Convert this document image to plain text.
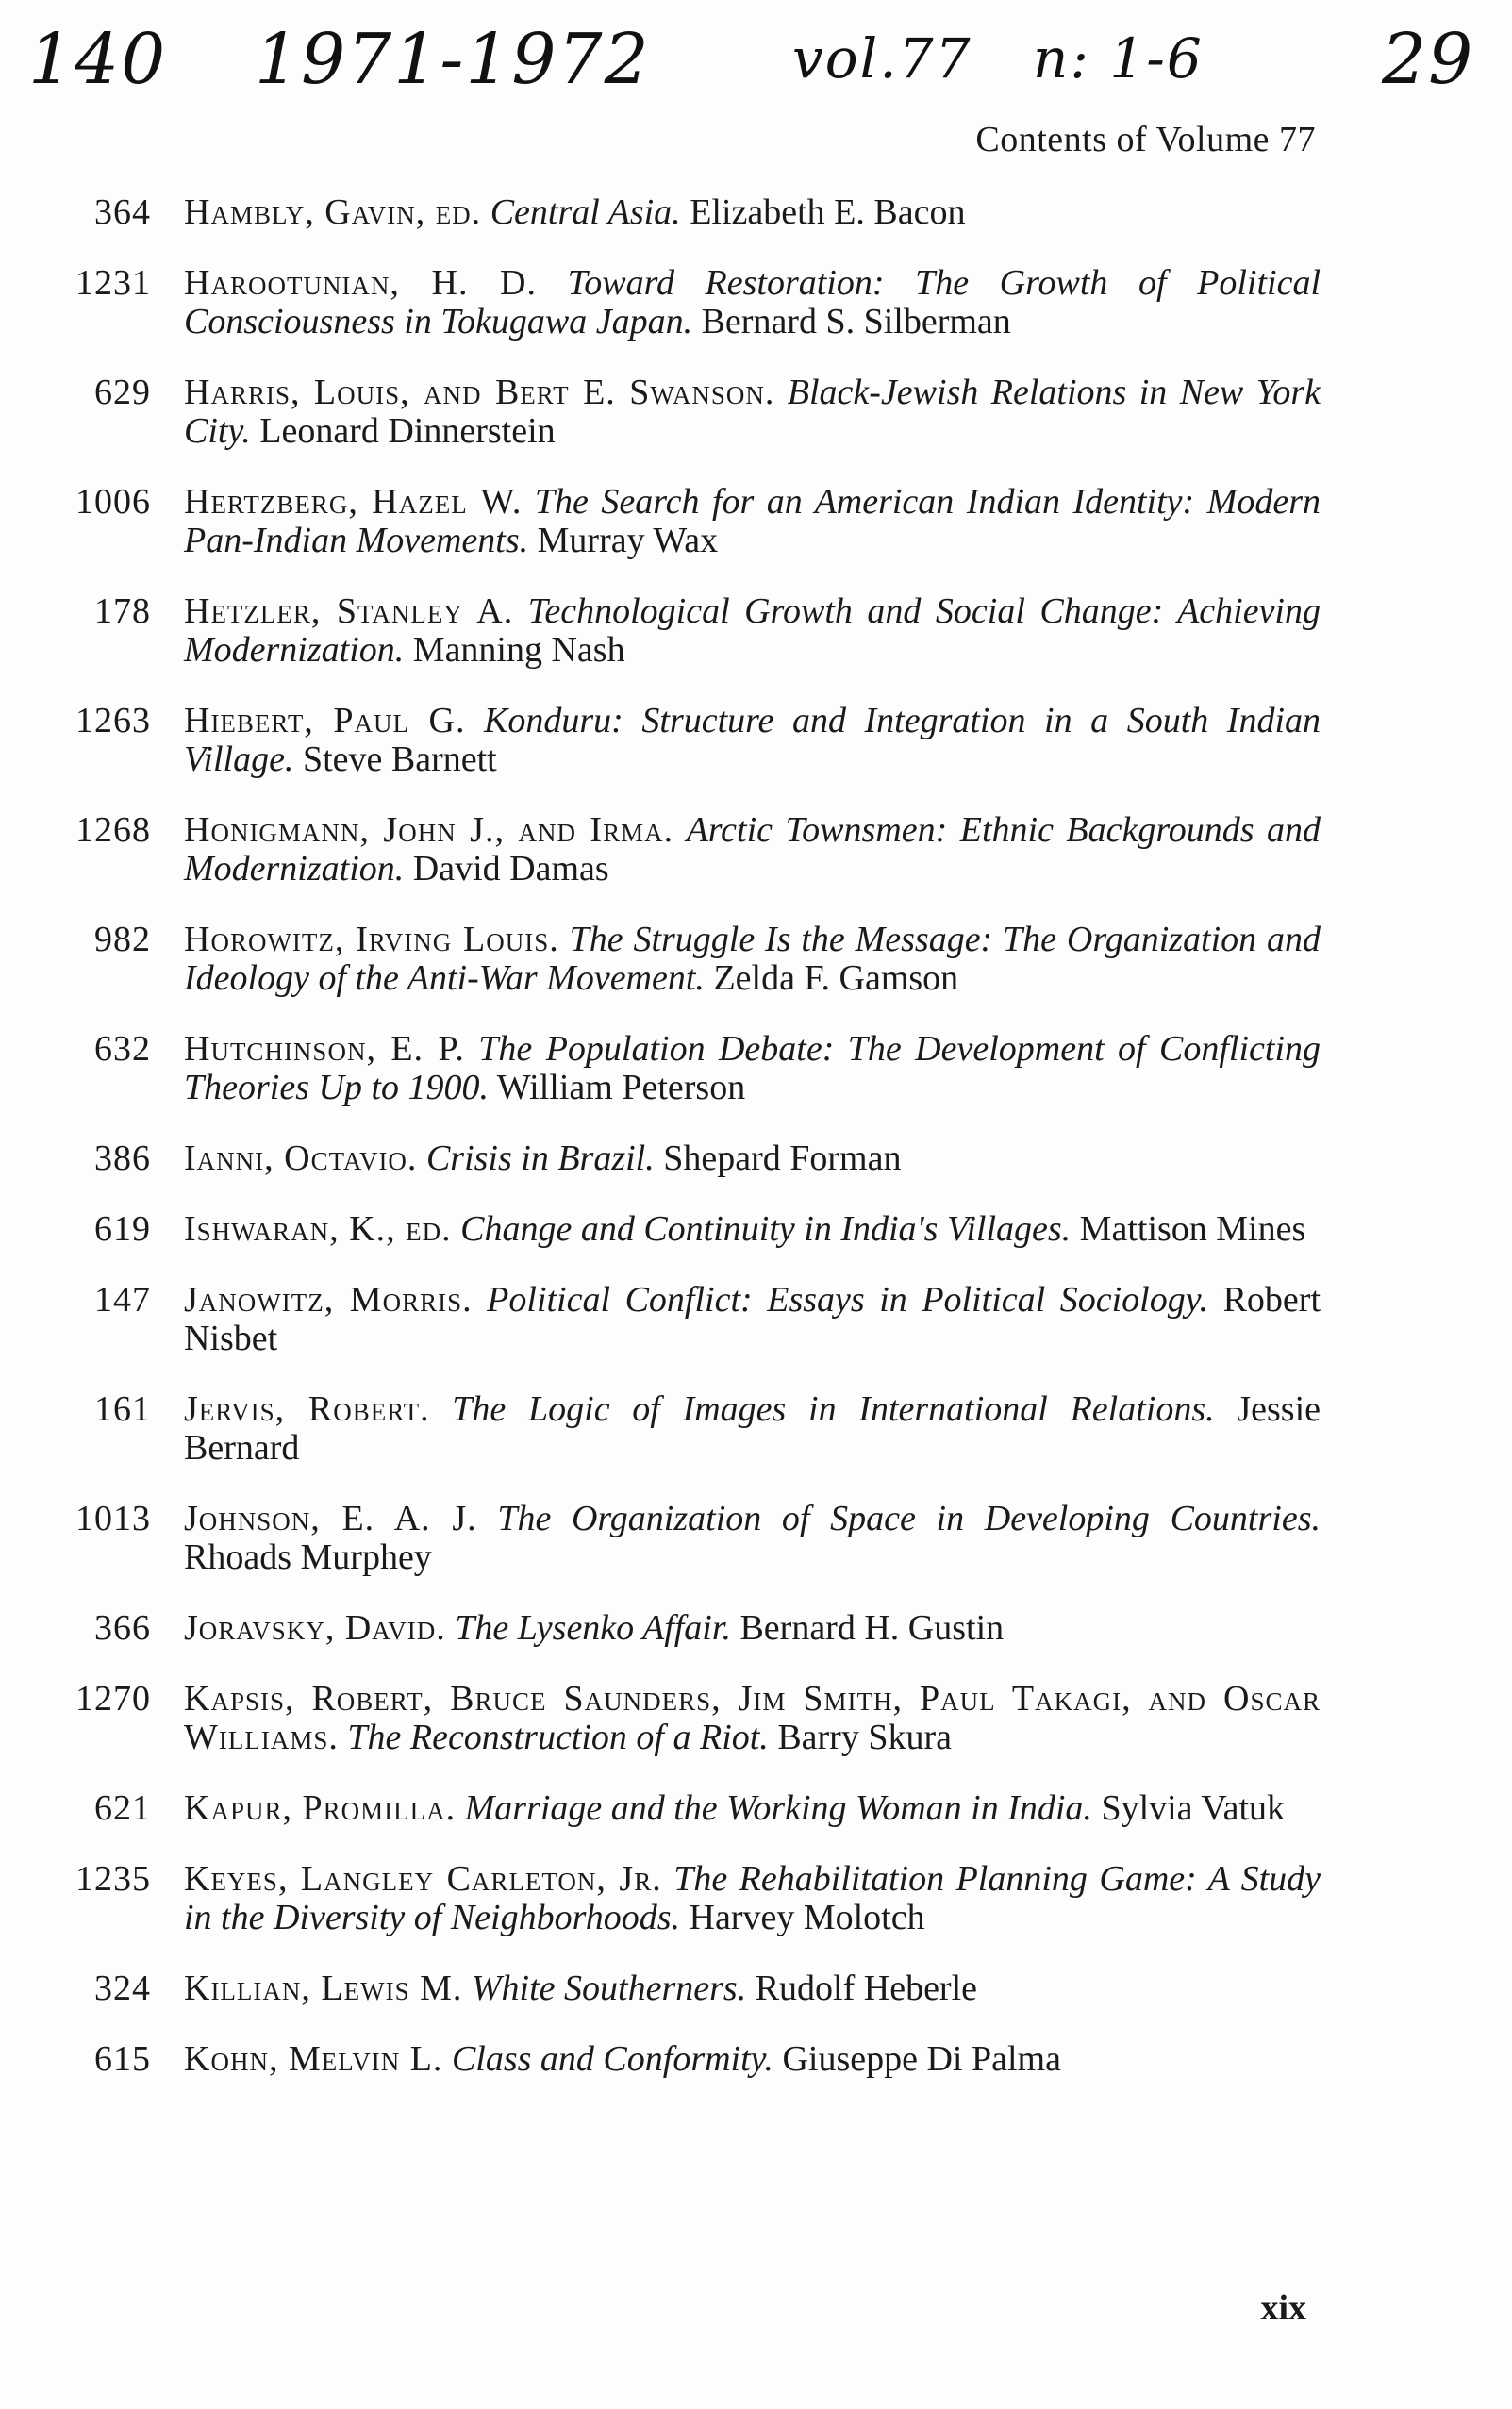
140 1971-1972	vol.77 n: 1-6	29
Contents of Volume 77
364 Hambly, Gavin, ed. Central Asia. Elizabeth E. Bacon
1231 Harootunian, H. D. Toward Restoration: The Growth of Political Consciousness in Tokugawa Japan. Bernard S. Silberman
629 Harris, Louis, and Bert E. Swanson. Black-Jewish Relations in New York City. Leonard Dinnerstein
1006 Hertzberg, Hazel W. The Search for an American Indian Identity: Modern Pan-Indian Movements. Murray Wax
178 Hetzler, Stanley A. Technological Growth and Social Change: Achieving Modernization. Manning Nash
1263 Hiebert, Paul G. Konduru: Structure and Integration in a South Indian Village. Steve Barnett
1268 Honigmann, John J., and Irma. Arctic Townsmen: Ethnic Backgrounds and Modernization. David Damas
982 Horowitz, Irving Louis. The Struggle Is the Message: The Organization and Ideology of the Anti-War Movement. Zelda F. Gamson
632 Hutchinson, E. P. The Population Debate: The Development of Conflicting Theories Up to 1900. William Peterson
386 Ianni, Octavio. Crisis in Brazil. Shepard Forman
619 Ishwaran, K., ed. Change and Continuity in India's Villages. Mattison Mines
147 Janowitz, Morris. Political Conflict: Essays in Political Sociology. Robert Nisbet
161 Jervis, Robert. The Logic of Images in International Relations. Jessie Bernard
1013 Johnson, E. A. J. The Organization of Space in Developing Countries. Rhoads Murphey
366 Joravsky, David. The Lysenko Affair. Bernard H. Gustin
1270 Kapsis, Robert, Bruce Saunders, Jim Smith, Paul Takagi, and Oscar Williams. The Reconstruction of a Riot. Barry Skura
621 Kapur, Promilla. Marriage and the Working Woman in India. Sylvia Vatuk
1235 Keyes, Langley Carleton, Jr. The Rehabilitation Planning Game: A Study in the Diversity of Neighborhoods. Harvey Molotch
324 Killian, Lewis M. White Southerners. Rudolf Heberle
615 Kohn, Melvin L. Class and Conformity. Giuseppe Di Palma
xix
